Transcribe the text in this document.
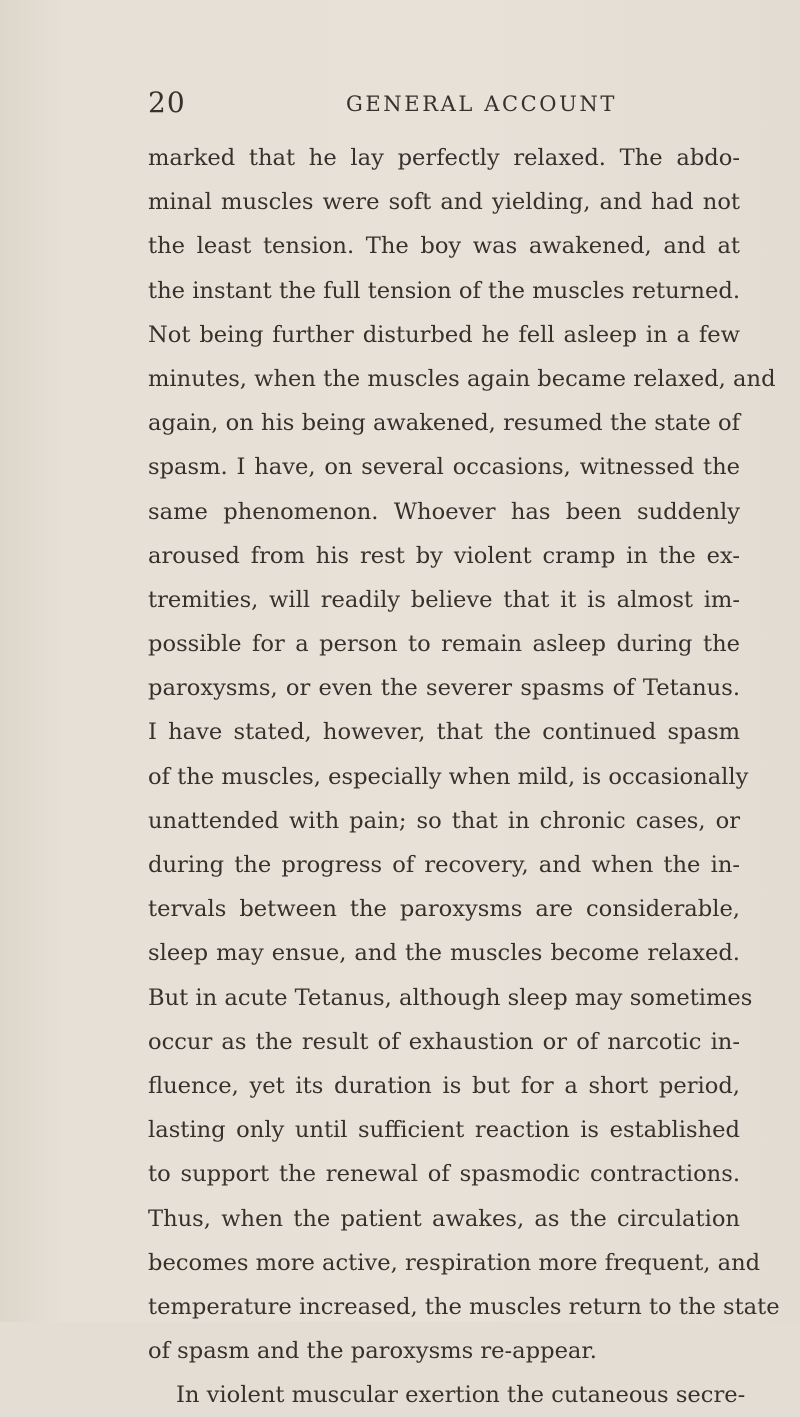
20	GENERAL ACCOUNT
marked that he lay perfectly relaxed. The abdo-
minal muscles were soft and yielding, and had not
the least tension. The boy was awakened, and at
the instant the full tension of the muscles returned.
Not being further disturbed he fell asleep in a few
minutes, when the muscles again became relaxed, and
again, on his being awakened, resumed the state of
spasm. I have, on several occasions, witnessed the
same phenomenon. Whoever has been suddenly
aroused from his rest by violent cramp in the ex-
tremities, will readily believe that it is almost im-
possible for a person to remain asleep during the
paroxysms, or even the severer spasms of Tetanus.
I have stated, however, that the continued spasm
of the muscles, especially when mild, is occasionally
unattended with pain; so that in chronic cases, or
during the progress of recovery, and when the in-
tervals between the paroxysms are considerable,
sleep may ensue, and the muscles become relaxed.
But in acute Tetanus, although sleep may sometimes
occur as the result of exhaustion or of narcotic in-
fluence, yet its duration is but for a short period,
lasting only until sufficient reaction is established
to support the renewal of spasmodic contractions.
Thus, when the patient awakes, as the circulation
becomes more active, respiration more frequent, and
temperature increased, the muscles return to the state
of spasm and the paroxysms re-appear.
In violent muscular exertion the cutaneous secre-
